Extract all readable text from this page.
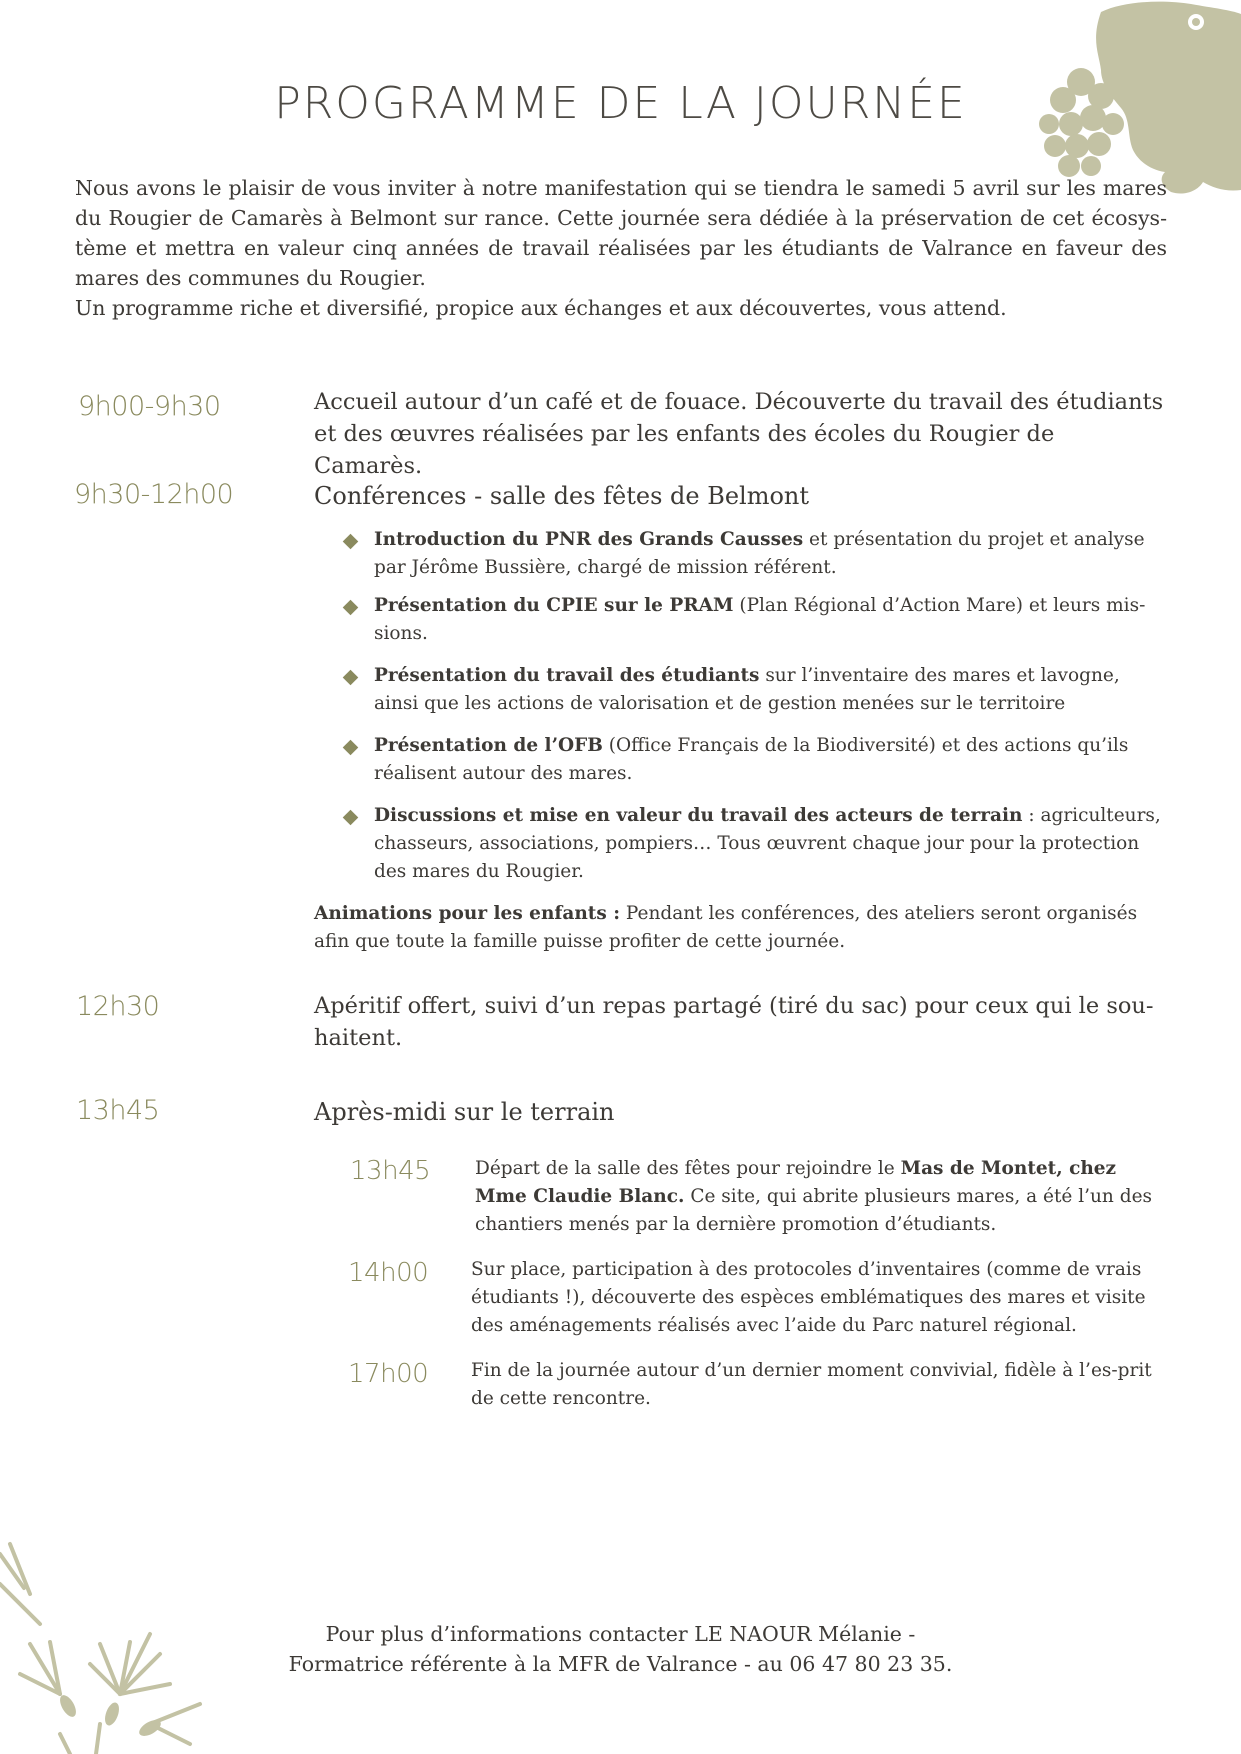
PROGRAMME DE LA JOURNÉE

Nous avons le plaisir de vous inviter à notre manifestation qui se tiendra le samedi 5 avril sur les mares du Rougier de Camarès à Belmont sur rance. Cette journée sera dédiée à la préservation de cet écosys-tème et mettra en valeur cinq années de travail réalisées par les étudiants de Valrance en faveur des mares des communes du Rougier.

Un programme riche et diversifié, propice aux échanges et aux découvertes, vous attend.

9h00-9h30	Accueil autour d’un café et de fouace. Découverte du travail des étudiants et des œuvres réalisées par les enfants des écoles du Rougier de Camarès.
9h30-12h00	Conférences - salle des fêtes de Belmont
Introduction du PNR des Grands Causses et présentation du projet et analyse par Jérôme Bussière, chargé de mission référent.
Présentation du CPIE sur le PRAM (Plan Régional d’Action Mare) et leurs mis-sions.
Présentation du travail des étudiants sur l’inventaire des mares et lavogne, ainsi que les actions de valorisation et de gestion menées sur le territoire
Présentation de l’OFB (Office Français de la Biodiversité) et des actions qu’ils réalisent autour des mares.
Discussions et mise en valeur du travail des acteurs de terrain : agriculteurs, chasseurs, associations, pompiers… Tous œuvrent chaque jour pour la protection des mares du Rougier.
Animations pour les enfants : Pendant les conférences, des ateliers seront organisés afin que toute la famille puisse profiter de cette journée.
12h30	Apéritif offert, suivi d’un repas partagé (tiré du sac) pour ceux qui le sou-haitent.
13h45	Après-midi sur le terrain
13h45 Départ de la salle des fêtes pour rejoindre le Mas de Montet, chez Mme Claudie Blanc. Ce site, qui abrite plusieurs mares, a été l’un des chantiers menés par la dernière promotion d’étudiants.
14h00 Sur place, participation à des protocoles d’inventaires (comme de vrais étudiants !), découverte des espèces emblématiques des mares et visite des aménagements réalisés avec l’aide du Parc naturel régional.
17h00 Fin de la journée autour d’un dernier moment convivial, fidèle à l’es-prit de cette rencontre.
Pour plus d’informations contacter LE NAOUR Mélanie -
Formatrice référente à la MFR de Valrance - au 06 47 80 23 35.
